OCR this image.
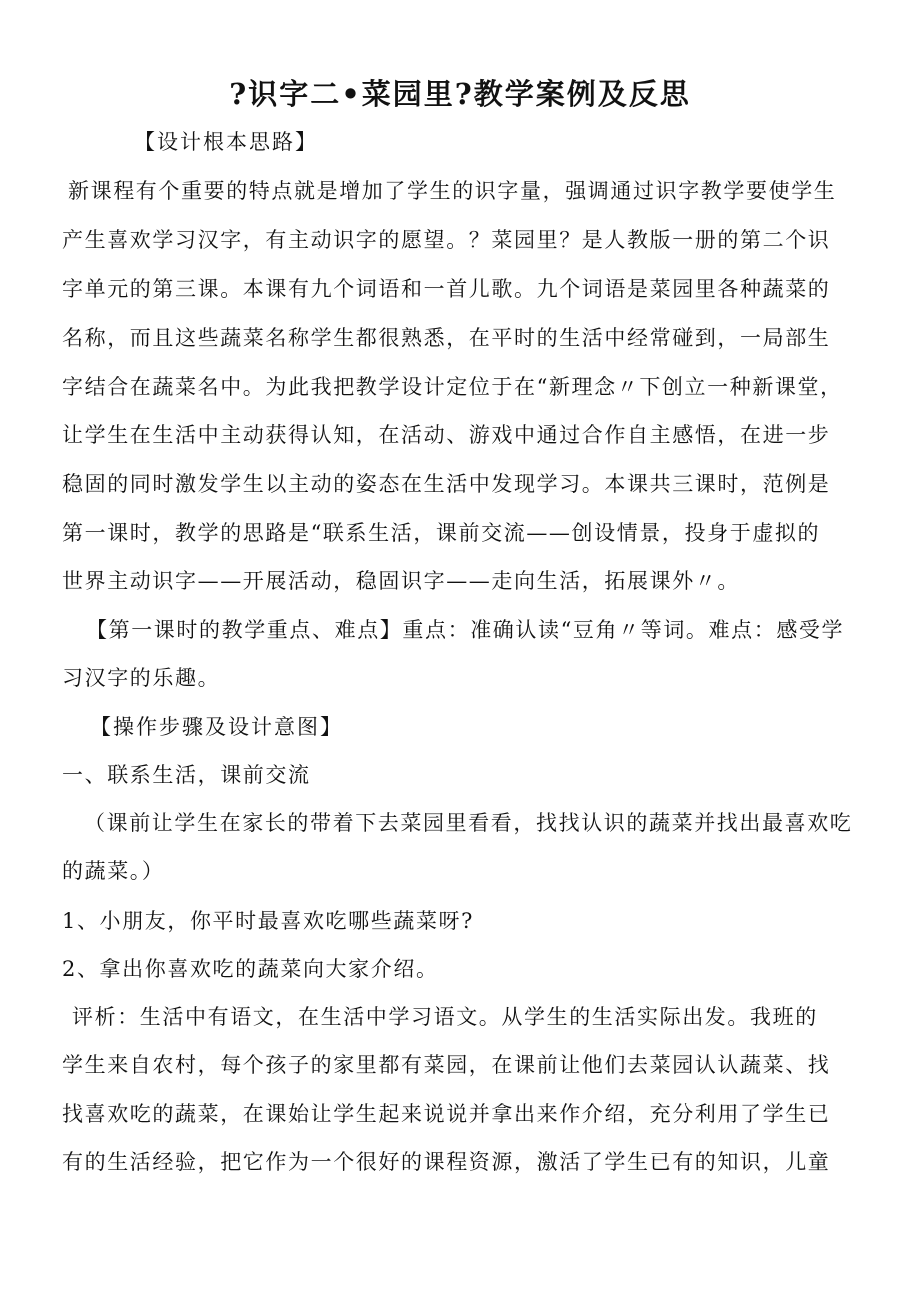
?识字二•菜园里?教学案例及反思

【设计根本思路】

新课程有个重要的特点就是增加了学生的识字量，强调通过识字教学要使学生

产生喜欢学习汉字，有主动识字的愿望。？菜园里？是人教版一册的第二个识

字单元的第三课。本课有九个词语和一首儿歌。九个词语是菜园里各种蔬菜的

名称，而且这些蔬菜名称学生都很熟悉，在平时的生活中经常碰到，一局部生

字结合在蔬菜名中。为此我把教学设计定位于在“新理念〃下创立一种新课堂，

让学生在生活中主动获得认知，在活动、游戏中通过合作自主感悟，在进一步

稳固的同时激发学生以主动的姿态在生活中发现学习。本课共三课时，范例是

第一课时，教学的思路是“联系生活，课前交流——创设情景，投身于虚拟的

世界主动识字——开展活动，稳固识字——走向生活，拓展课外〃。

【第一课时的教学重点、难点】重点：准确认读“豆角〃等词。难点：感受学

习汉字的乐趣。

【操作步骤及设计意图】

一、联系生活，课前交流

（课前让学生在家长的带着下去菜园里看看，找找认识的蔬菜并找出最喜欢吃

的蔬菜。）

1、小朋友，你平时最喜欢吃哪些蔬菜呀?

2、拿出你喜欢吃的蔬菜向大家介绍。

评析：生活中有语文，在生活中学习语文。从学生的生活实际出发。我班的

学生来自农村，每个孩子的家里都有菜园，在课前让他们去菜园认认蔬菜、找

找喜欢吃的蔬菜，在课始让学生起来说说并拿出来作介绍，充分利用了学生已

有的生活经验，把它作为一个很好的课程资源，激活了学生已有的知识，儿童
